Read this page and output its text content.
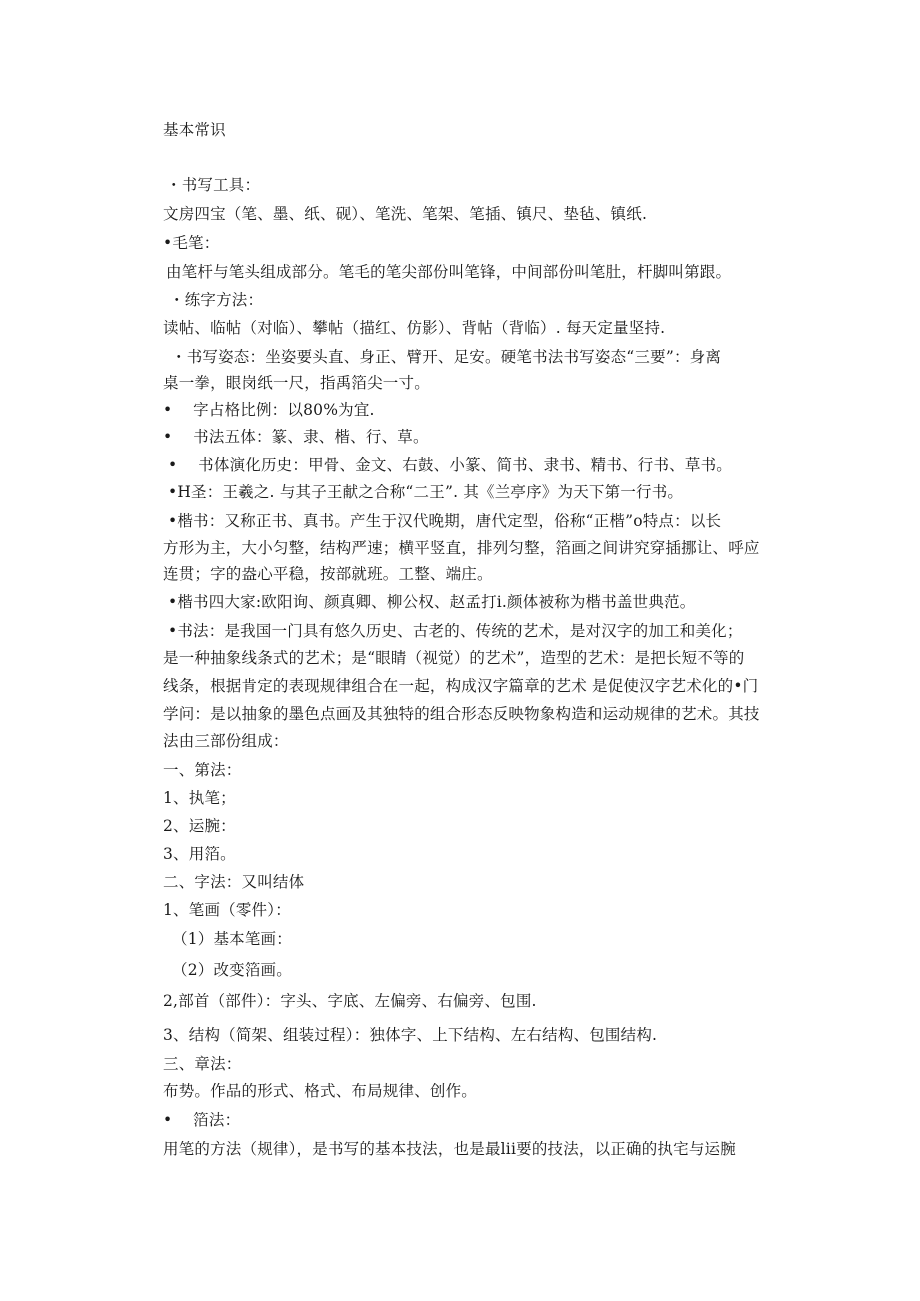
基本常识
・书写工具：
文房四宝（笔、墨、纸、砚）、笔洗、笔架、笔插、镇尺、垫毡、镇纸.
•毛笔：
由笔杆与笔头组成部分。笔毛的笔尖部份叫笔锋，中间部份叫笔肚，杆脚叫第跟。
・练字方法：
读帖、临帖（对临）、攀帖（描红、仿影）、背帖（背临）. 每天定量坚持.
・书写姿态：坐姿要头直、身正、臂开、足安。硬笔书法书写姿态“三要”：身离
桌一拳，眼岗纸一尺，指禹箔尖一寸。
•　 字占格比例：以80%为宜.
•　 书法五体：篆、隶、楷、行、草。
•　 书体演化历史：甲骨、金文、右鼓、小篆、简书、隶书、精书、行书、草书。
•H圣：王羲之. 与其子王献之合称“二王”. 其《兰亭序》为天下第一行书。
•楷书：又称正书、真书。产生于汉代晚期，唐代定型，俗称“正楷”o特点：以长
方形为主，大小匀整，结构严速；横平竖直，排列匀整，箔画之间讲究穿插挪让、呼应
连贯；字的盎心平稳，按部就班。工整、端庄。
•楷书四大家:欧阳询、颜真卿、柳公权、赵孟打i.颜体被称为楷书盖世典范。
•书法：是我国一门具有悠久历史、古老的、传统的艺术，是对汉字的加工和美化；
是一种抽象线条式的艺术；是“眼睛（视觉）的艺术”，造型的艺术：是把长短不等的
线条，根据肯定的表现规律组合在一起，构成汉字篇章的艺术 是促使汉字艺术化的•门
学问：是以抽象的墨色点画及其独特的组合形态反映物象构造和运动规律的艺术。其技
法由三部份组成：
一、第法：
1、执笔；
2、运腕：
3、用箔。
二、字法：又叫结体
1、笔画（零件）：
（1）基本笔画：
（2）改变箔画。
2,部首（部件）：字头、字底、左偏旁、右偏旁、包围.
3、结构（简架、组装过程）：独体字、上下结构、左右结构、包围结构.
三、章法：
布势。作品的形式、格式、布局规律、创作。
•　 箔法：
用笔的方法（规律），是书写的基本技法，也是最lii要的技法，以正确的执宅与运腕
